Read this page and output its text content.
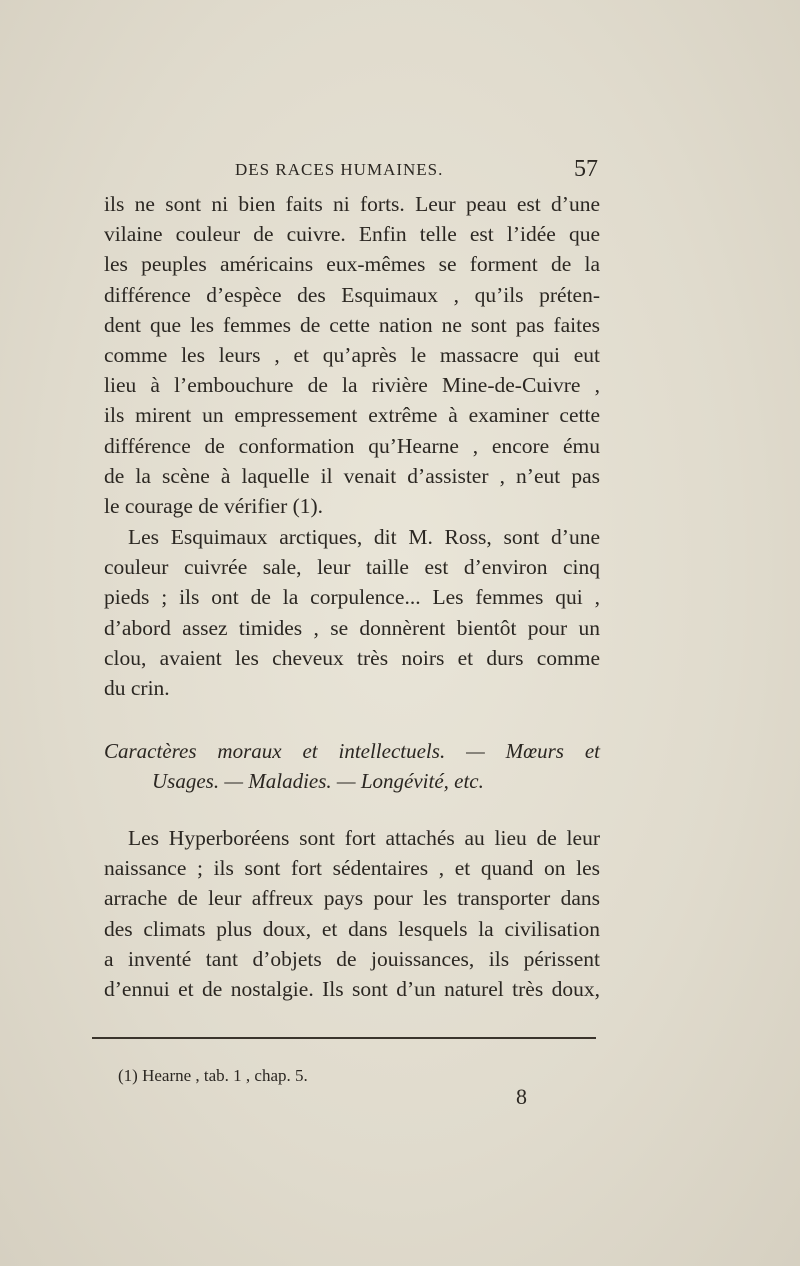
DES RACES HUMAINES.	57
ils ne sont ni bien faits ni forts. Leur peau est d’une
vilaine couleur de cuivre. Enfin telle est l’idée que
les peuples américains eux-mêmes se forment de la
différence d’espèce des Esquimaux , qu’ils préten-
dent que les femmes de cette nation ne sont pas faites
comme les leurs , et qu’après le massacre qui eut
lieu à l’embouchure de la rivière Mine-de-Cuivre ,
ils mirent un empressement extrême à examiner cette
différence de conformation qu’Hearne , encore ému
de la scène à laquelle il venait d’assister , n’eut pas
le courage de vérifier (1).
Les Esquimaux arctiques, dit M. Ross, sont d’une
couleur cuivrée sale, leur taille est d’environ cinq
pieds ; ils ont de la corpulence... Les femmes qui ,
d’abord assez timides , se donnèrent bientôt pour un
clou, avaient les cheveux très noirs et durs comme
du crin.
Caractères moraux et intellectuels. — Mœurs et
Usages. — Maladies. — Longévité, etc.
Les Hyperboréens sont fort attachés au lieu de leur
naissance ; ils sont fort sédentaires , et quand on les
arrache de leur affreux pays pour les transporter dans
des climats plus doux, et dans lesquels la civilisation
a inventé tant d’objets de jouissances, ils périssent
d’ennui et de nostalgie. Ils sont d’un naturel très doux,
(1) Hearne , tab. 1 , chap. 5.
8
